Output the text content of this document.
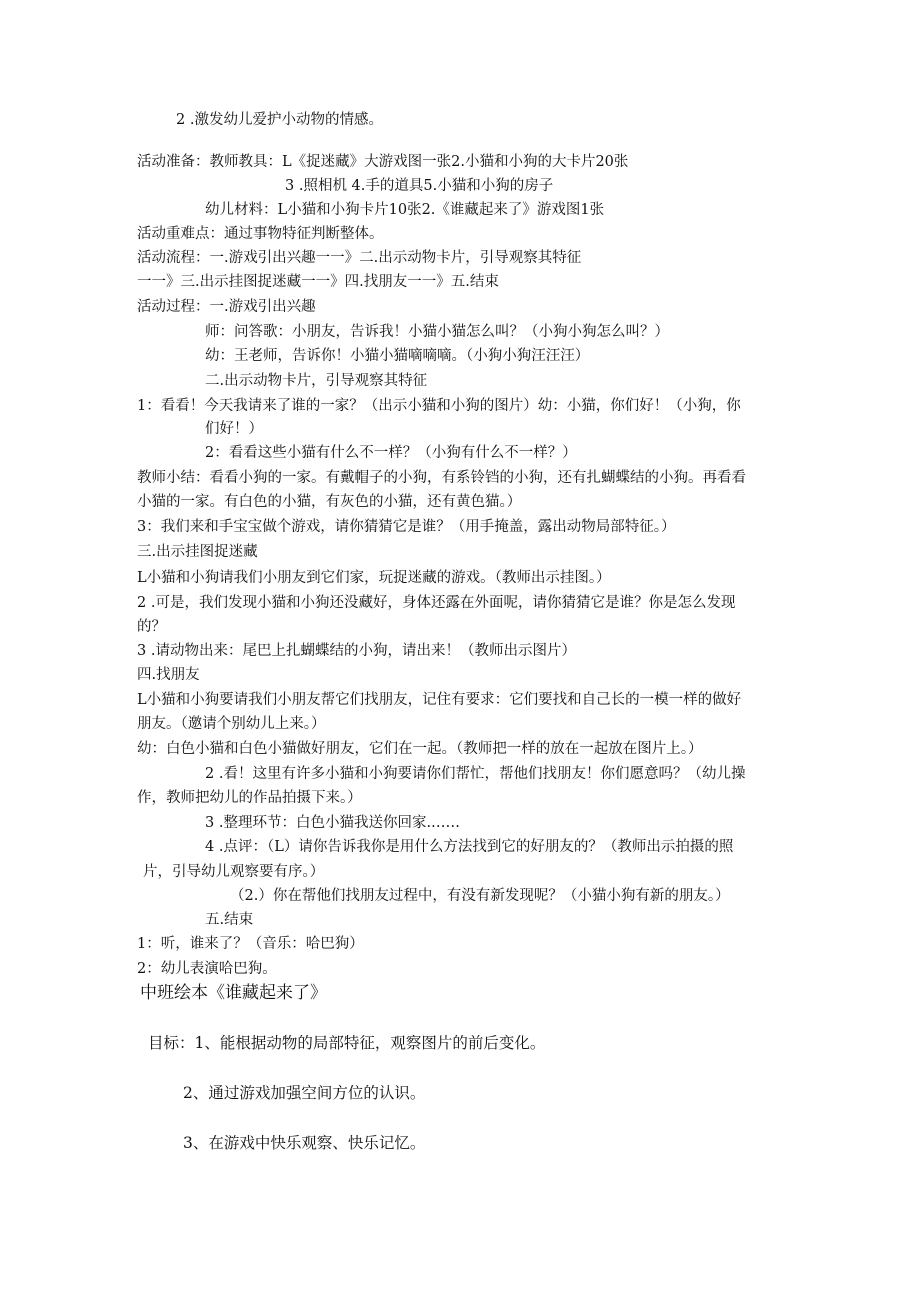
2 .激发幼儿爱护小动物的情感。
活动准备：教师教具：L《捉迷藏》大游戏图一张2.小猫和小狗的大卡片20张
3 .照相机 4.手的道具5.小猫和小狗的房子
幼儿材料：L小猫和小狗卡片10张2.《谁藏起来了》游戏图1张
活动重难点：通过事物特征判断整体。
活动流程：一.游戏引出兴趣一一》二.出示动物卡片，引导观察其特征
一一》三.出示挂图捉迷藏一一》四.找朋友一一》五.结束
活动过程：一.游戏引出兴趣
师：问答歌：小朋友，告诉我！小猫小猫怎么叫？（小狗小狗怎么叫？）
幼：王老师，告诉你！小猫小猫嘀嘀嘀。（小狗小狗汪汪汪）
二.出示动物卡片，引导观察其特征
1：看看！今天我请来了谁的一家？（出示小猫和小狗的图片）幼：小猫，你们好！（小狗，你
们好！）
2：看看这些小猫有什么不一样？（小狗有什么不一样？）
教师小结：看看小狗的一家。有戴帽子的小狗，有系铃铛的小狗，还有扎蝴蝶结的小狗。再看看
小猫的一家。有白色的小猫，有灰色的小猫，还有黄色猫。）
3：我们来和手宝宝做个游戏，请你猜猜它是谁？（用手掩盖，露出动物局部特征。）
三.出示挂图捉迷藏
L小猫和小狗请我们小朋友到它们家，玩捉迷藏的游戏。（教师出示挂图。）
2 .可是，我们发现小猫和小狗还没藏好，身体还露在外面呢，请你猜猜它是谁？你是怎么发现
的？
3 .请动物出来：尾巴上扎蝴蝶结的小狗，请出来！（教师出示图片）
四.找朋友
L小猫和小狗要请我们小朋友帮它们找朋友，记住有要求：它们要找和自己长的一模一样的做好
朋友。（邀请个别幼儿上来。）
幼：白色小猫和白色小猫做好朋友，它们在一起。（教师把一样的放在一起放在图片上。）
2 .看！这里有许多小猫和小狗要请你们帮忙，帮他们找朋友！你们愿意吗？（幼儿操
作，教师把幼儿的作品拍摄下来。）
3 .整理环节：白色小猫我送你回家.……
4 .点评：（L）请你告诉我你是用什么方法找到它的好朋友的？（教师出示拍摄的照
片，引导幼儿观察要有序。）
（2.）你在帮他们找朋友过程中，有没有新发现呢？（小猫小狗有新的朋友。）
五.结束
1：听，谁来了？（音乐：哈巴狗）
2：幼儿表演哈巴狗。
中班绘本《谁藏起来了》
目标：1、能根据动物的局部特征，观察图片的前后变化。
2、通过游戏加强空间方位的认识。
3、在游戏中快乐观察、快乐记忆。
